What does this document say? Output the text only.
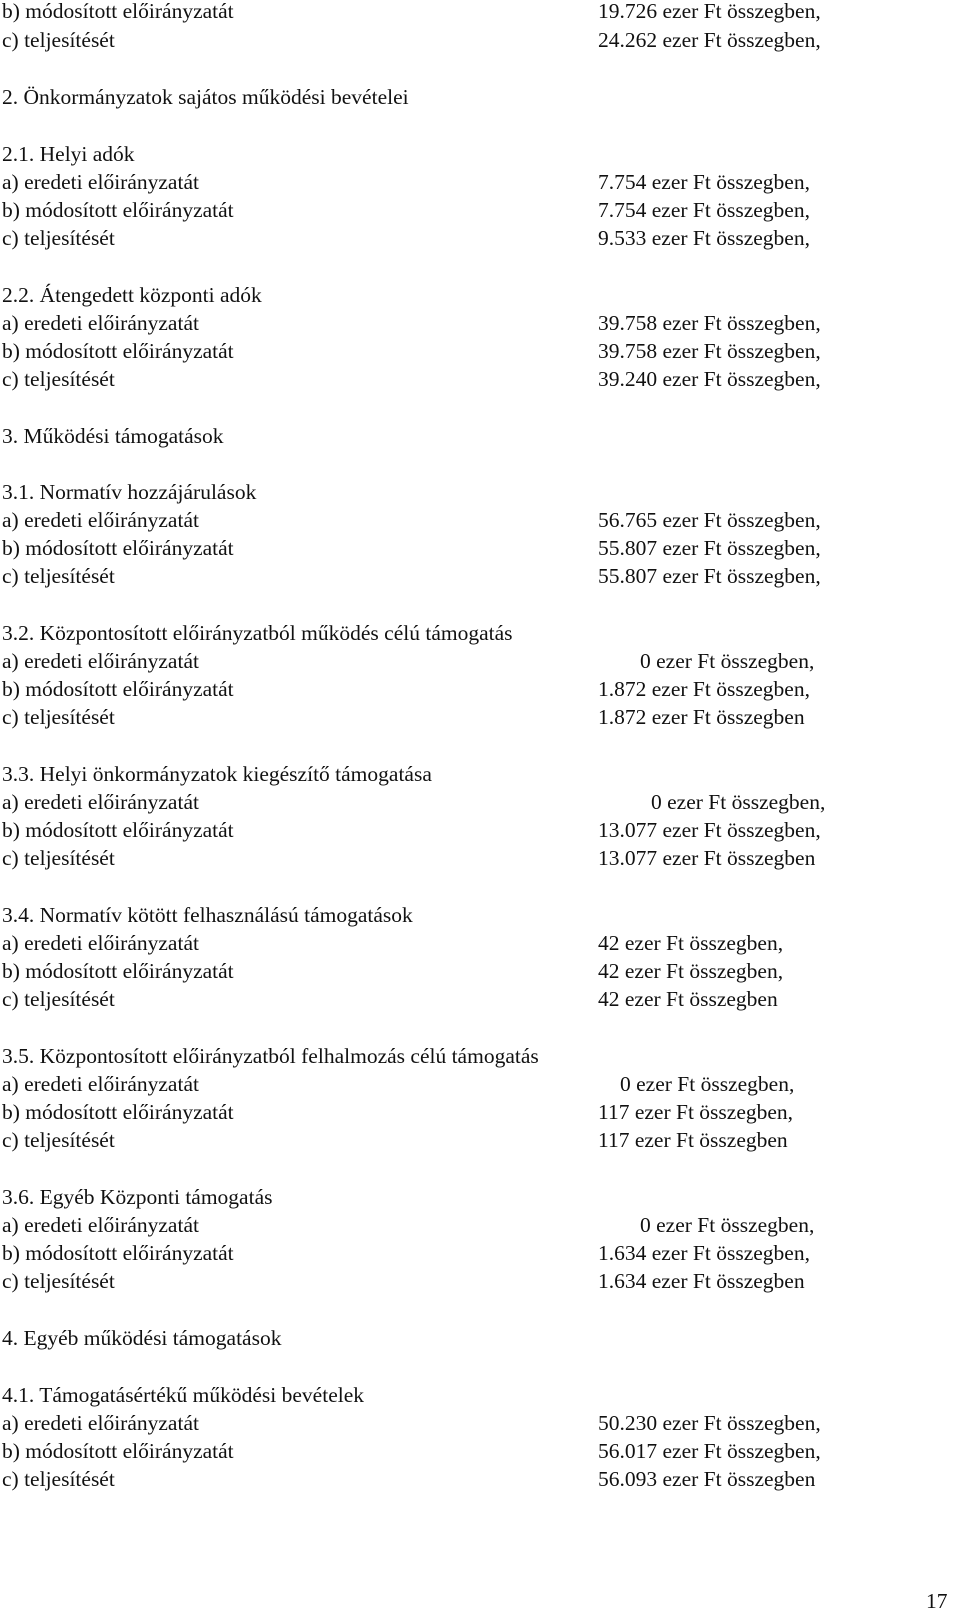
b) módosított előirányzatát	19.726 ezer Ft összegben,
c) teljesítését	24.262 ezer Ft összegben,
2. Önkormányzatok sajátos működési bevételei
2.1. Helyi adók
a) eredeti előirányzatát	7.754 ezer Ft összegben,
b) módosított előirányzatát	7.754 ezer Ft összegben,
c) teljesítését	9.533 ezer Ft összegben,
2.2. Átengedett központi adók
a) eredeti előirányzatát	39.758 ezer Ft összegben,
b) módosított előirányzatát	39.758 ezer Ft összegben,
c) teljesítését	39.240 ezer Ft összegben,
3. Működési támogatások
3.1. Normatív hozzájárulások
a) eredeti előirányzatát	56.765 ezer Ft összegben,
b) módosított előirányzatát	55.807 ezer Ft összegben,
c) teljesítését	55.807 ezer Ft összegben,
3.2. Központosított előirányzatból működés célú támogatás
a) eredeti előirányzatát	0 ezer Ft összegben,
b) módosított előirányzatát	1.872 ezer Ft összegben,
c) teljesítését	1.872 ezer Ft összegben
3.3. Helyi önkormányzatok kiegészítő támogatása
a) eredeti előirányzatát	0 ezer Ft összegben,
b) módosított előirányzatát	13.077 ezer Ft összegben,
c) teljesítését	13.077 ezer Ft összegben
3.4. Normatív kötött felhasználású támogatások
a) eredeti előirányzatát	42 ezer Ft összegben,
b) módosított előirányzatát	42 ezer Ft összegben,
c) teljesítését	42 ezer Ft összegben
3.5. Központosított előirányzatból felhalmozás célú támogatás
a) eredeti előirányzatát	0 ezer Ft összegben,
b) módosított előirányzatát	117 ezer Ft összegben,
c) teljesítését	117 ezer Ft összegben
3.6. Egyéb Központi támogatás
a) eredeti előirányzatát	0 ezer Ft összegben,
b) módosított előirányzatát	1.634 ezer Ft összegben,
c) teljesítését	1.634 ezer Ft összegben
4. Egyéb működési támogatások
4.1. Támogatásértékű működési bevételek
a) eredeti előirányzatát	50.230 ezer Ft összegben,
b) módosított előirányzatát	56.017 ezer Ft összegben,
c) teljesítését	56.093 ezer Ft összegben
17
